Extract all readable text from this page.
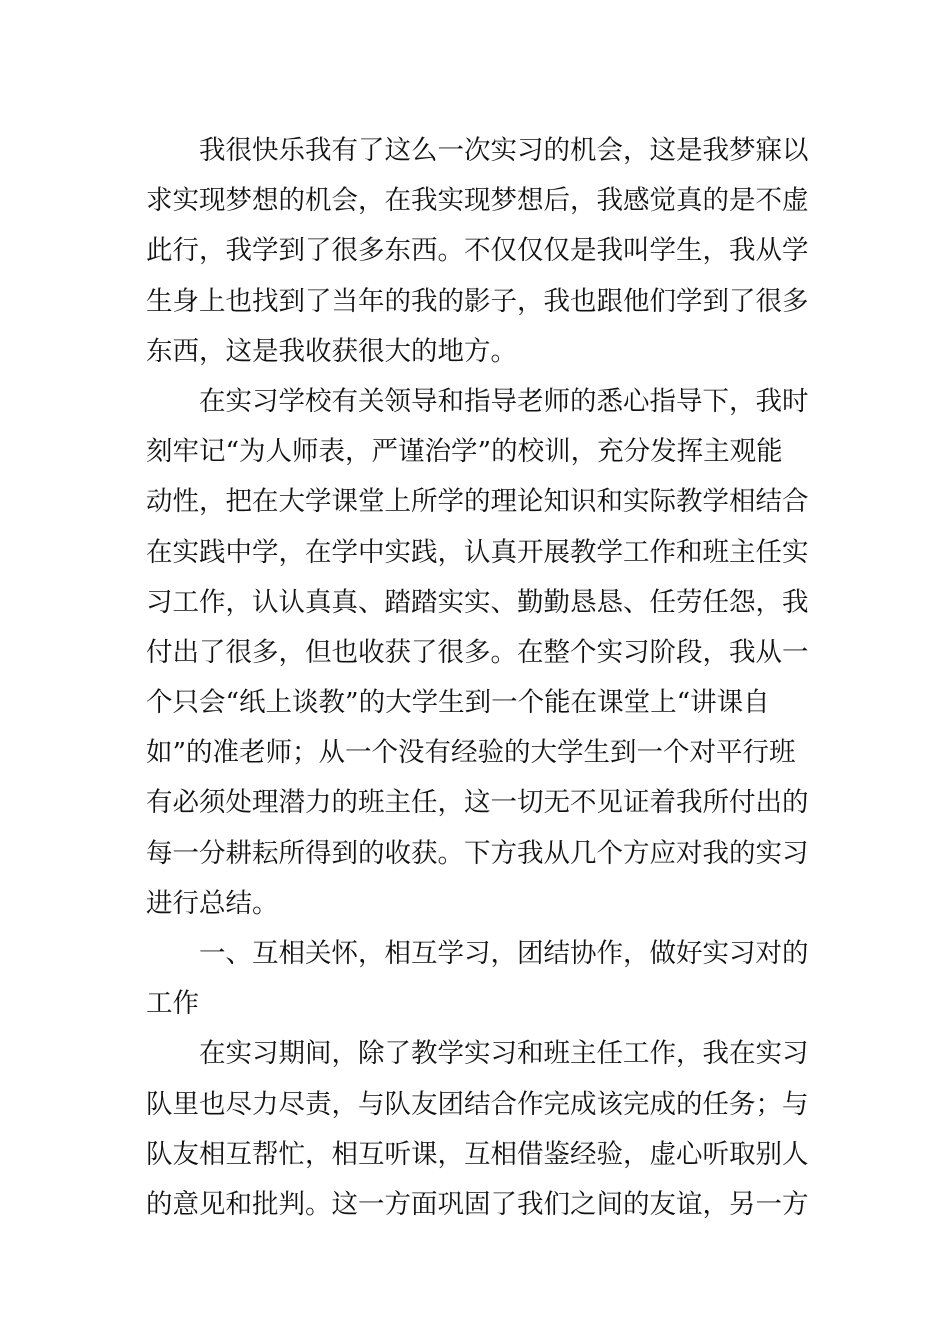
我很快乐我有了这么一次实习的机会，这是我梦寐以
求实现梦想的机会，在我实现梦想后，我感觉真的是不虚
此行，我学到了很多东西。不仅仅仅是我叫学生，我从学
生身上也找到了当年的我的影子，我也跟他们学到了很多
东西，这是我收获很大的地方。
在实习学校有关领导和指导老师的悉心指导下，我时
刻牢记“为人师表，严谨治学”的校训，充分发挥主观能
动性，把在大学课堂上所学的理论知识和实际教学相结合
在实践中学，在学中实践，认真开展教学工作和班主任实
习工作，认认真真、踏踏实实、勤勤恳恳、任劳任怨，我
付出了很多，但也收获了很多。在整个实习阶段，我从一
个只会“纸上谈教”的大学生到一个能在课堂上“讲课自
如”的准老师；从一个没有经验的大学生到一个对平行班
有必须处理潜力的班主任，这一切无不见证着我所付出的
每一分耕耘所得到的收获。下方我从几个方应对我的实习
进行总结。
一、互相关怀，相互学习，团结协作，做好实习对的
工作
在实习期间，除了教学实习和班主任工作，我在实习
队里也尽力尽责，与队友团结合作完成该完成的任务；与
队友相互帮忙，相互听课，互相借鉴经验，虚心听取别人
的意见和批判。这一方面巩固了我们之间的友谊，另一方
